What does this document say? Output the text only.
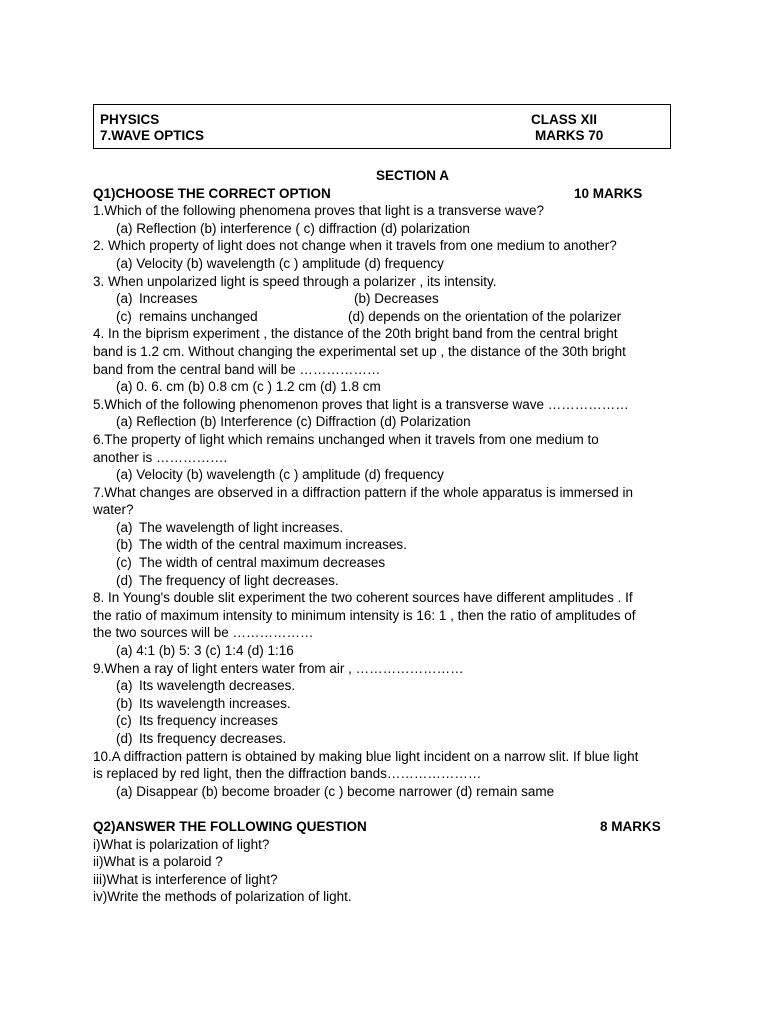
PHYSICS	CLASS XII
7.WAVE OPTICS	MARKS 70
SECTION A
Q1)CHOOSE THE CORRECT OPTION	10 MARKS
1.Which of the following phenomena proves that light is a transverse wave?
(a) Reflection (b) interference ( c) diffraction (d) polarization
2. Which property of light does not change when it travels from one medium to another?
(a) Velocity (b) wavelength (c ) amplitude (d) frequency
3. When unpolarized light is speed through a polarizer , its intensity.
(a) Increases	(b) Decreases
(c) remains unchanged	(d) depends on the orientation of the polarizer
4. In the biprism experiment , the distance of the 20th bright band from the central bright
band is 1.2 cm. Without changing the experimental set up , the distance of the 30th bright
band from the central band will be ………………
(a) 0. 6. cm (b) 0.8 cm (c ) 1.2 cm (d) 1.8 cm
5.Which of the following phenomenon proves that light is a transverse wave ………………
(a) Reflection (b) Interference (c) Diffraction (d) Polarization
6.The property of light which remains unchanged when it travels from one medium to
another is …………….
(a) Velocity (b) wavelength (c ) amplitude (d) frequency
7.What changes are observed in a diffraction pattern if the whole apparatus is immersed in
water?
(a) The wavelength of light increases.
(b) The width of the central maximum increases.
(c) The width of central maximum decreases
(d) The frequency of light decreases.
8. In Young's double slit experiment the two coherent sources have different amplitudes . If
the ratio of maximum intensity to minimum intensity is 16: 1 , then the ratio of amplitudes of
the two sources will be ………………
(a) 4:1 (b) 5: 3 (c) 1:4 (d) 1:16
9.When a ray of light enters water from air , ……………………
(a) Its wavelength decreases.
(b) Its wavelength increases.
(c) Its frequency increases
(d) Its frequency decreases.
10.A diffraction pattern is obtained by making blue light incident on a narrow slit. If blue light
is replaced by red light, then the diffraction bands…………………
(a) Disappear (b) become broader (c ) become narrower (d) remain same
Q2)ANSWER THE FOLLOWING QUESTION	8 MARKS
i)What is polarization of light?
ii)What is a polaroid ?
iii)What is interference of light?
iv)Write the methods of polarization of light.
